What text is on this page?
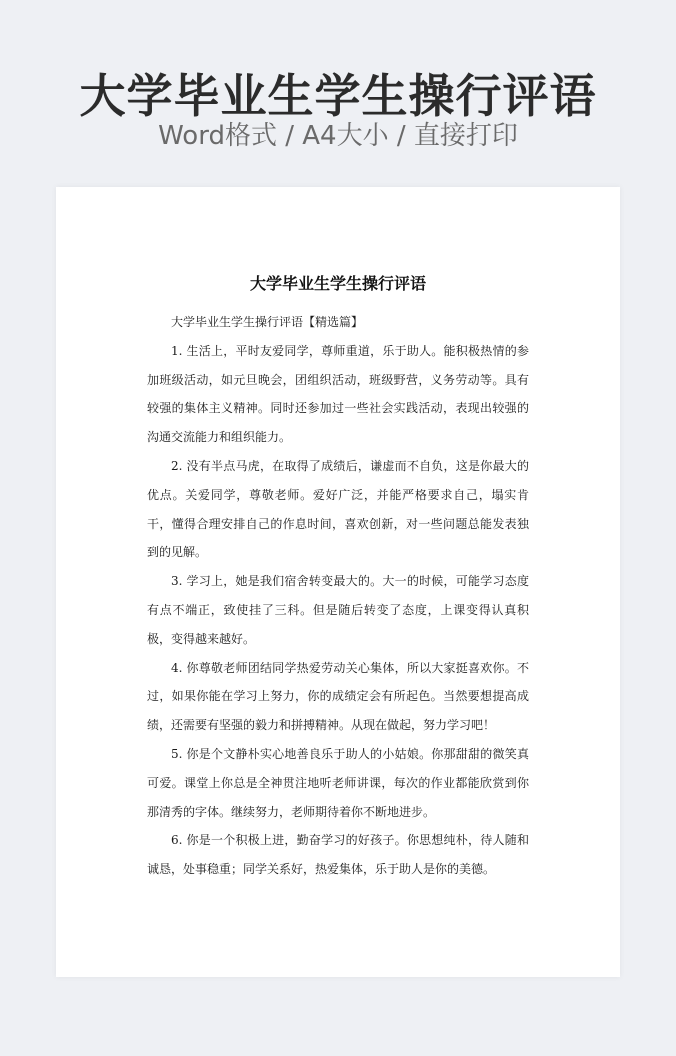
大学毕业生学生操行评语
Word格式 / A4大小 / 直接打印
大学毕业生学生操行评语

大学毕业生学生操行评语【精选篇】

1. 生活上，平时友爱同学，尊师重道，乐于助人。能积极热情的参加班级活动，如元旦晚会，团组织活动，班级野营，义务劳动等。具有较强的集体主义精神。同时还参加过一些社会实践活动，表现出较强的沟通交流能力和组织能力。

2. 没有半点马虎，在取得了成绩后，谦虚而不自负，这是你最大的优点。关爱同学，尊敬老师。爱好广泛，并能严格要求自己，塌实肯干，懂得合理安排自己的作息时间，喜欢创新，对一些问题总能发表独到的见解。

3. 学习上，她是我们宿舍转变最大的。大一的时候，可能学习态度有点不端正，致使挂了三科。但是随后转变了态度，上课变得认真积极，变得越来越好。

4. 你尊敬老师团结同学热爱劳动关心集体，所以大家挺喜欢你。不过，如果你能在学习上努力，你的成绩定会有所起色。当然要想提高成绩，还需要有坚强的毅力和拼搏精神。从现在做起，努力学习吧！

5. 你是个文静朴实心地善良乐于助人的小姑娘。你那甜甜的微笑真可爱。课堂上你总是全神贯注地听老师讲课，每次的作业都能欣赏到你那清秀的字体。继续努力，老师期待着你不断地进步。

6. 你是一个积极上进，勤奋学习的好孩子。你思想纯朴，待人随和诚恳，处事稳重；同学关系好，热爱集体，乐于助人是你的美德。
